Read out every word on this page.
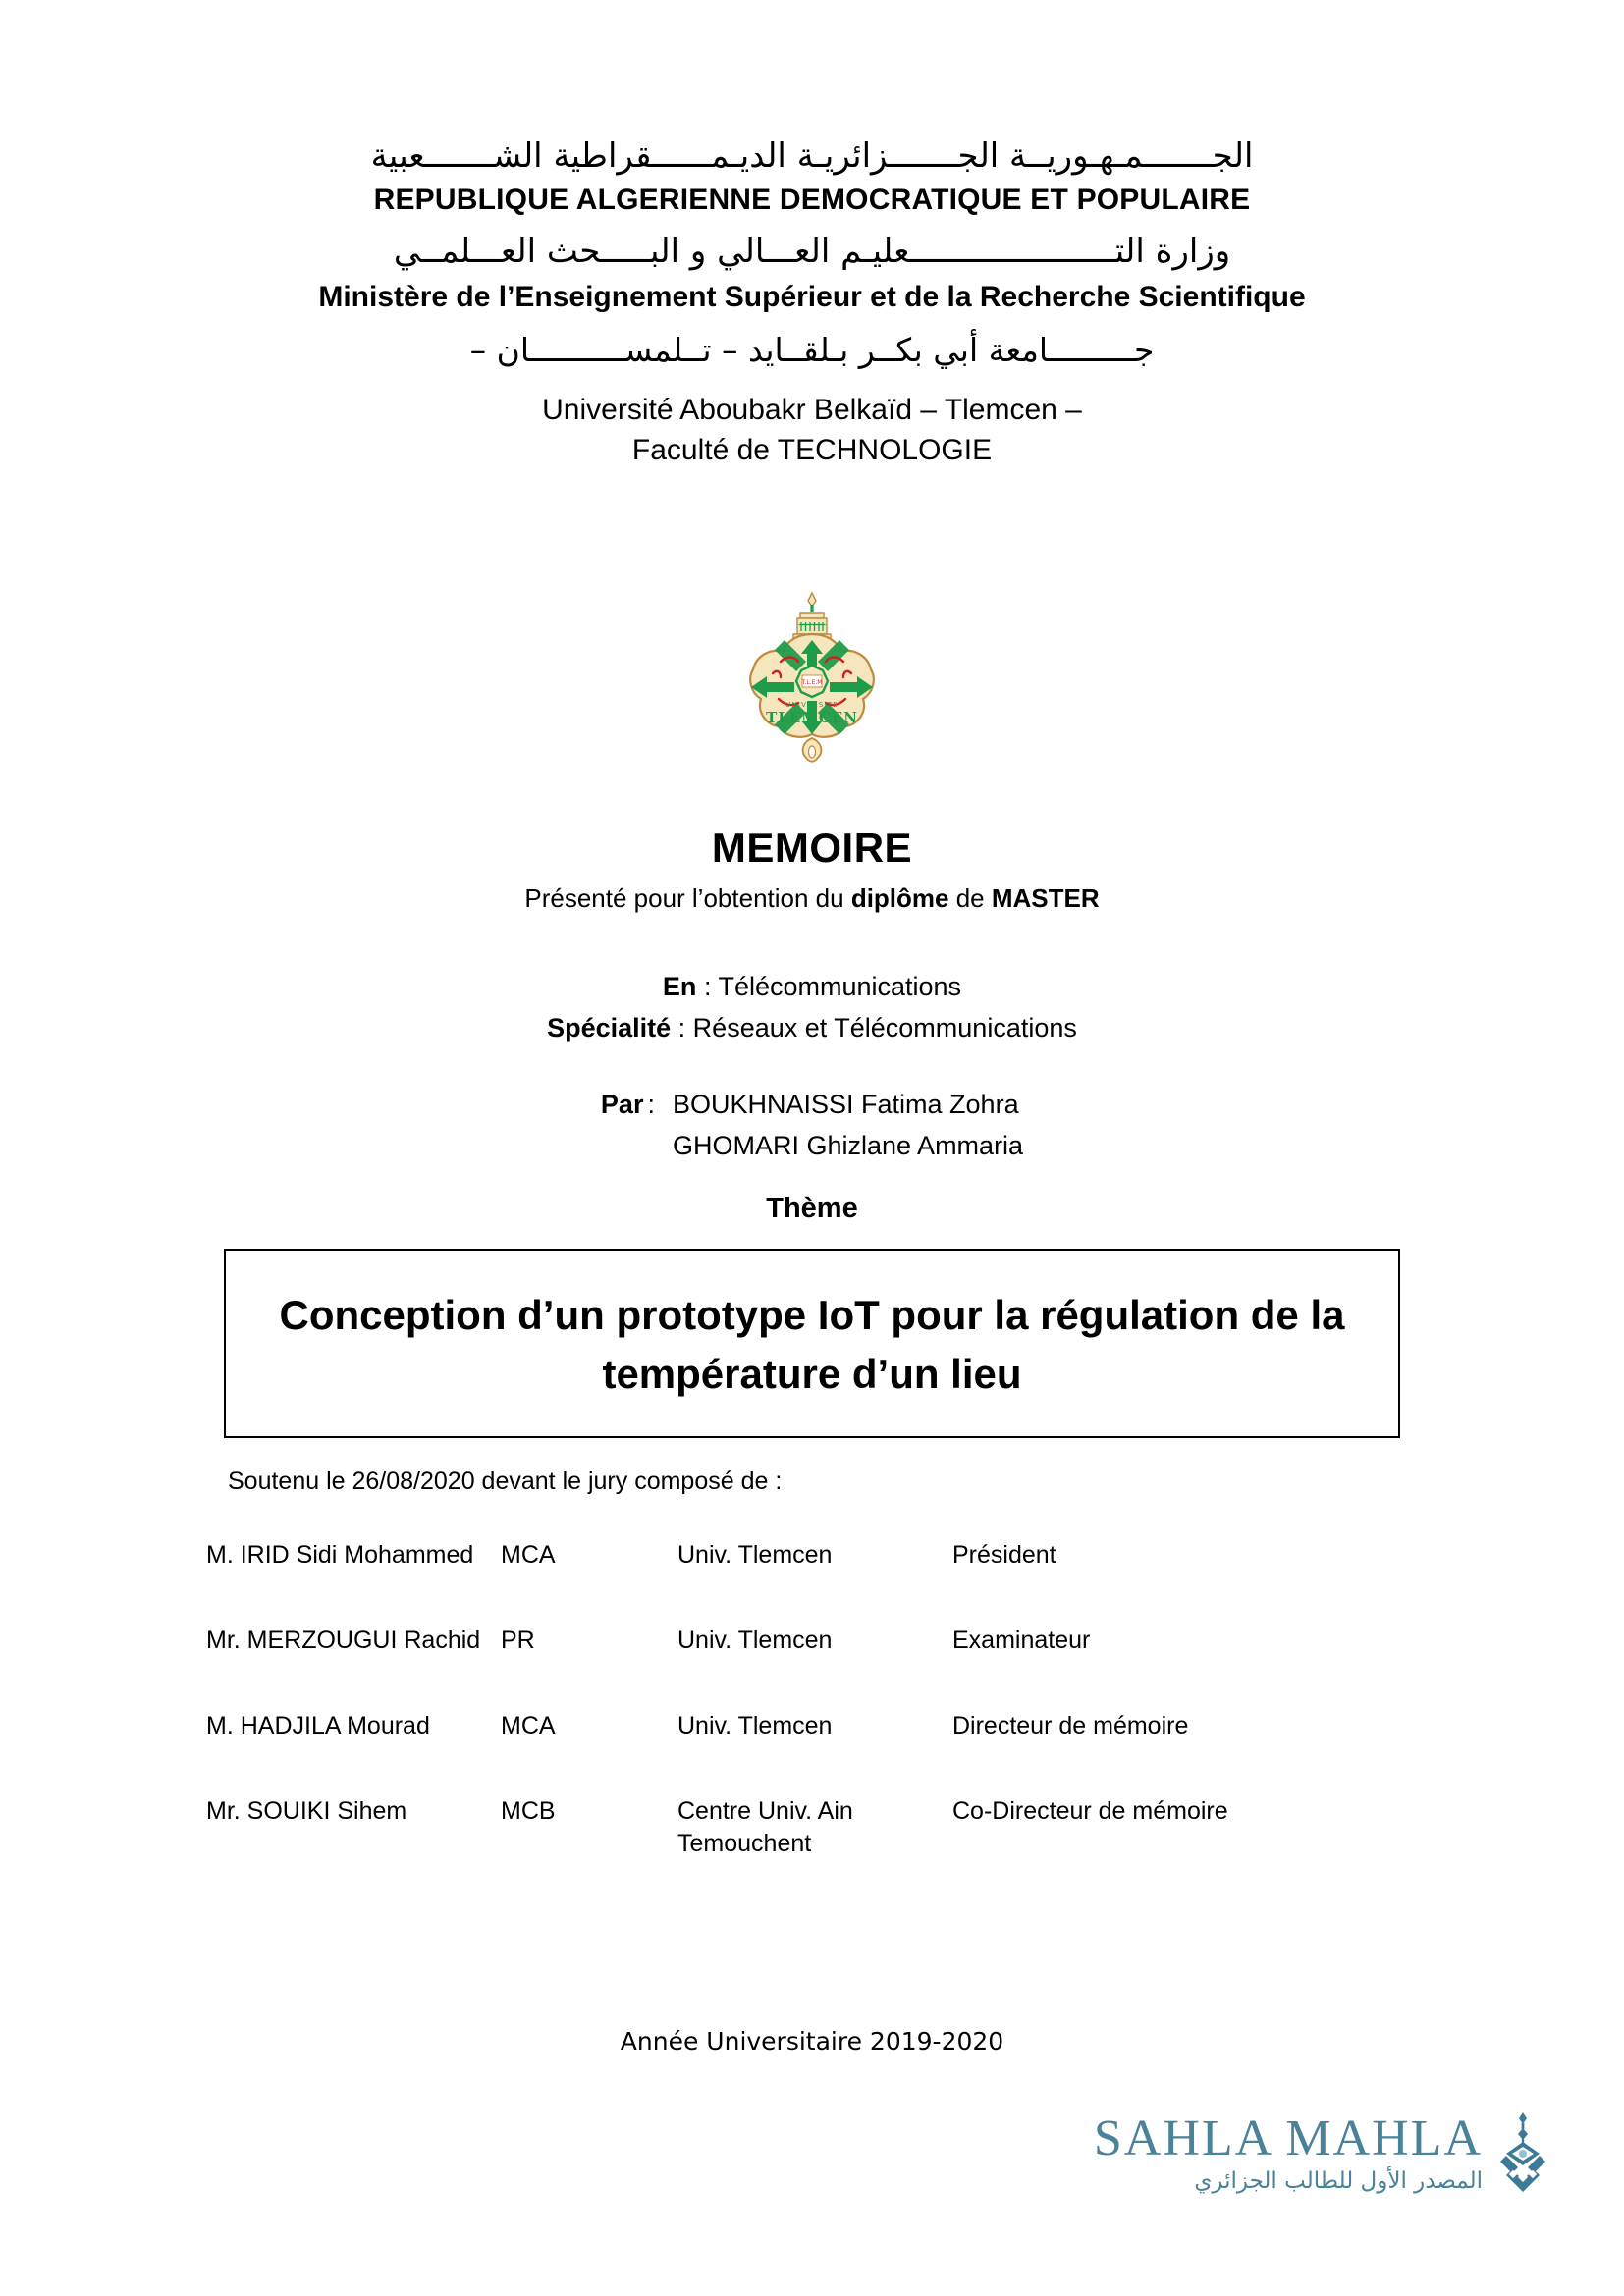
الجـــــــمـهـوريــة الجـــــــزائريـة الديـمــــــقراطية الشـــــــعبية

REPUBLIQUE ALGERIENNE DEMOCRATIQUE ET POPULAIRE

وزارة التـــــــــــــــــــــعليـم العـــالي و البـــــحث العـــلمــي

Ministère de l’Enseignement Supérieur et de la Recherche Scientifique

جـــــــــامعة أبي بكــر بـلقــايد – تــلمســــــــــان –

Université Aboubakr Belkaïd – Tlemcen –

Faculté de TECHNOLOGIE

T.L.E.M
UNIVERSITE
TLEMCEN

MEMOIRE

Présenté pour l’obtention du diplôme de MASTER

En : Télécommunications
Spécialité : Réseaux et Télécommunications
Par : BOUKHNAISSI Fatima Zohra
GHOMARI Ghizlane Ammaria
Thème

Conception d’un prototype IoT pour la régulation de la température d’un lieu

Soutenu le 26/08/2020 devant le jury composé de :
M. IRID Sidi Mohammed	MCA	Univ. Tlemcen	Président
Mr. MERZOUGUI Rachid	PR	Univ. Tlemcen	Examinateur
M. HADJILA Mourad	MCA	Univ. Tlemcen	Directeur de mémoire
Mr. SOUIKI Sihem	MCB	Centre Univ. Ain Temouchent	Co-Directeur de mémoire
Année Universitaire 2019-2020

SAHLA MAHLA

المصدر الأول للطالب الجزائري
